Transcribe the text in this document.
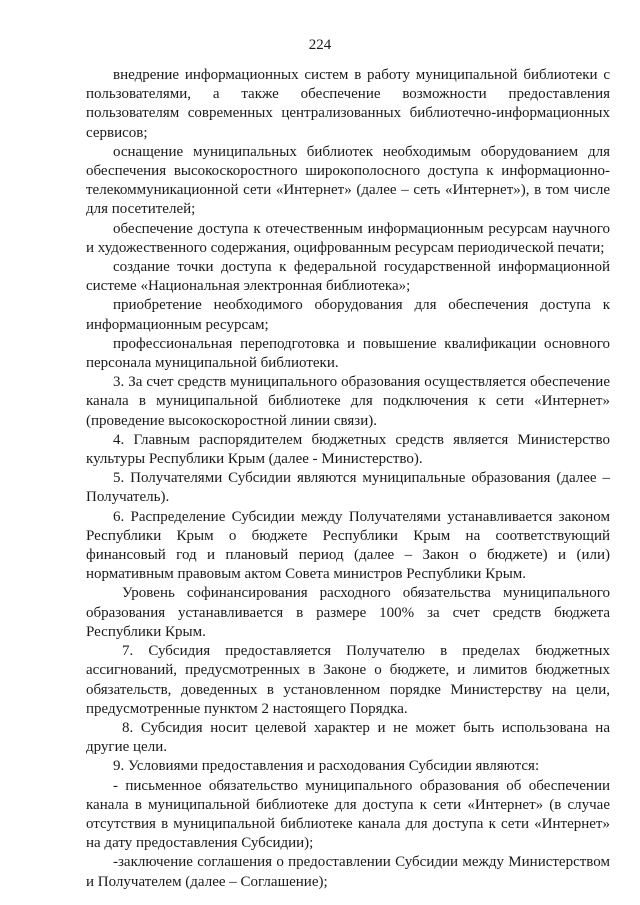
224

внедрение информационных систем в работу муниципальной библиотеки с пользователями, а также обеспечение возможности предоставления пользователям современных централизованных библиотечно-информационных сервисов;

оснащение муниципальных библиотек необходимым оборудованием для обеспечения высокоскоростного широкополосного доступа к информационно-телекоммуникационной сети «Интернет» (далее – сеть «Интернет»), в том числе для посетителей;

обеспечение доступа к отечественным информационным ресурсам научного и художественного содержания, оцифрованным ресурсам периодической печати;

создание точки доступа к федеральной государственной информационной системе «Национальная электронная библиотека»;

приобретение необходимого оборудования для обеспечения доступа к информационным ресурсам;

профессиональная переподготовка и повышение квалификации основного персонала муниципальной библиотеки.

3. За счет средств муниципального образования осуществляется обеспечение канала в муниципальной библиотеке для подключения к сети «Интернет» (проведение высокоскоростной линии связи).

4. Главным распорядителем бюджетных средств является Министерство культуры Республики Крым (далее - Министерство).

5. Получателями Субсидии являются муниципальные образования (далее – Получатель).

6. Распределение Субсидии между Получателями устанавливается законом Республики Крым о бюджете Республики Крым на соответствующий финансовый год и плановый период (далее – Закон о бюджете) и (или) нормативным правовым актом Совета министров Республики Крым.

Уровень софинансирования расходного обязательства муниципального образования устанавливается в размере 100% за счет средств бюджета Республики Крым.

7. Субсидия предоставляется Получателю в пределах бюджетных ассигнований, предусмотренных в Законе о бюджете, и лимитов бюджетных обязательств, доведенных в установленном порядке Министерству на цели, предусмотренные пунктом 2 настоящего Порядка.

8. Субсидия носит целевой характер и не может быть использована на другие цели.

9. Условиями предоставления и расходования Субсидии являются:

- письменное обязательство муниципального образования об обеспечении канала в муниципальной библиотеке для доступа к сети «Интернет» (в случае отсутствия в муниципальной библиотеке канала для доступа к сети «Интернет» на дату предоставления Субсидии);

-заключение соглашения о предоставлении Субсидии между Министерством и Получателем (далее – Соглашение);
